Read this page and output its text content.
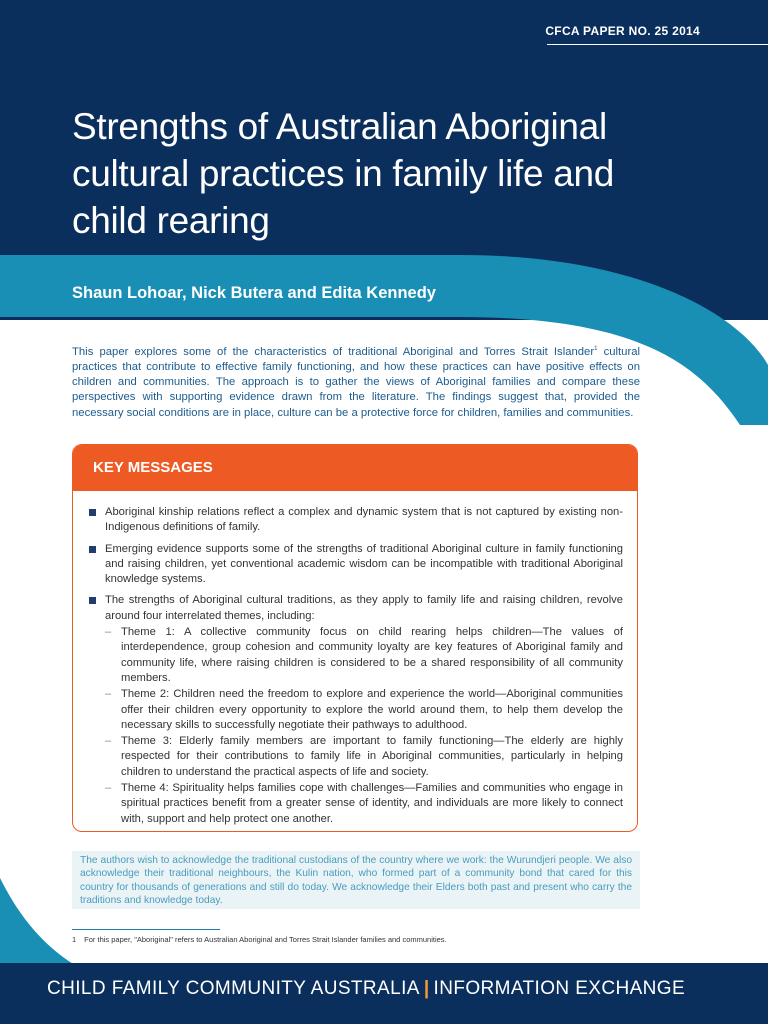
CFCA PAPER NO. 25 2014
Strengths of Australian Aboriginal cultural practices in family life and child rearing
Shaun Lohoar, Nick Butera and Edita Kennedy

This paper explores some of the characteristics of traditional Aboriginal and Torres Strait Islander$^1$ cultural practices that contribute to effective family functioning, and how these practices can have positive effects on children and communities. The approach is to gather the views of Aboriginal families and compare these perspectives with supporting evidence drawn from the literature. The findings suggest that, provided the necessary social conditions are in place, culture can be a protective force for children, families and communities.

KEY MESSAGES
Aboriginal kinship relations reflect a complex and dynamic system that is not captured by existing non-Indigenous definitions of family.
Emerging evidence supports some of the strengths of traditional Aboriginal culture in family functioning and raising children, yet conventional academic wisdom can be incompatible with traditional Aboriginal knowledge systems.
The strengths of Aboriginal cultural traditions, as they apply to family life and raising children, revolve around four interrelated themes, including:
– Theme 1: A collective community focus on child rearing helps children—The values of interdependence, group cohesion and community loyalty are key features of Aboriginal family and community life, where raising children is considered to be a shared responsibility of all community members.
– Theme 2: Children need the freedom to explore and experience the world—Aboriginal communities offer their children every opportunity to explore the world around them, to help them develop the necessary skills to successfully negotiate their pathways to adulthood.
– Theme 3: Elderly family members are important to family functioning—The elderly are highly respected for their contributions to family life in Aboriginal communities, particularly in helping children to understand the practical aspects of life and society.
– Theme 4: Spirituality helps families cope with challenges—Families and communities who engage in spiritual practices benefit from a greater sense of identity, and individuals are more likely to connect with, support and help protect one another.

The authors wish to acknowledge the traditional custodians of the country where we work: the Wurundjeri people. We also acknowledge their traditional neighbours, the Kulin nation, who formed part of a community bond that cared for this country for thousands of generations and still do today. We acknowledge their Elders both past and present who carry the traditions and knowledge today.

1 For this paper, "Aboriginal" refers to Australian Aboriginal and Torres Strait Islander families and communities.

CHILD FAMILY COMMUNITY AUSTRALIA | INFORMATION EXCHANGE
